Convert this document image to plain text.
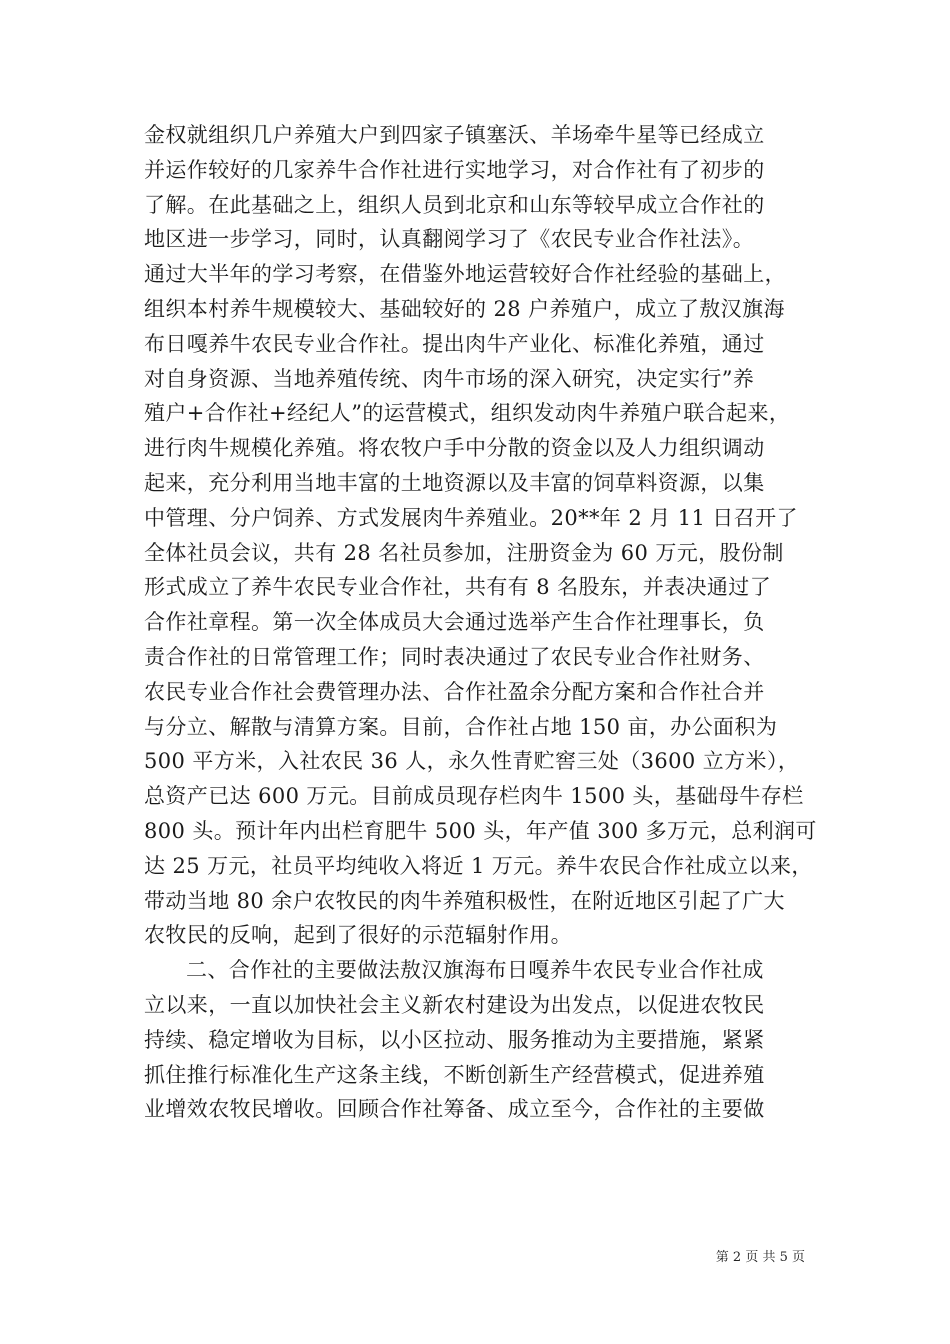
金权就组织几户养殖大户到四家子镇塞沃、羊场牵牛星等已经成立
并运作较好的几家养牛合作社进行实地学习，对合作社有了初步的
了解。在此基础之上，组织人员到北京和山东等较早成立合作社的
地区进一步学习，同时，认真翻阅学习了《农民专业合作社法》。
通过大半年的学习考察，在借鉴外地运营较好合作社经验的基础上，
组织本村养牛规模较大、基础较好的 28 户养殖户，成立了敖汉旗海
布日嘎养牛农民专业合作社。提出肉牛产业化、标准化养殖，通过
对自身资源、当地养殖传统、肉牛市场的深入研究，决定实行”养
殖户+合作社+经纪人”的运营模式，组织发动肉牛养殖户联合起来，
进行肉牛规模化养殖。将农牧户手中分散的资金以及人力组织调动
起来，充分利用当地丰富的土地资源以及丰富的饲草料资源，以集
中管理、分户饲养、方式发展肉牛养殖业。20**年 2 月 11 日召开了
全体社员会议，共有 28 名社员参加，注册资金为 60 万元，股份制
形式成立了养牛农民专业合作社，共有有 8 名股东，并表决通过了
合作社章程。第一次全体成员大会通过选举产生合作社理事长，负
责合作社的日常管理工作；同时表决通过了农民专业合作社财务、
农民专业合作社会费管理办法、合作社盈余分配方案和合作社合并
与分立、解散与清算方案。目前，合作社占地 150 亩，办公面积为
500 平方米，入社农民 36 人，永久性青贮窖三处（3600 立方米），
总资产已达 600 万元。目前成员现存栏肉牛 1500 头，基础母牛存栏
800 头。预计年内出栏育肥牛 500 头，年产值 300 多万元，总利润可
达 25 万元，社员平均纯收入将近 1 万元。养牛农民合作社成立以来，
带动当地 80 余户农牧民的肉牛养殖积极性，在附近地区引起了广大
农牧民的反响，起到了很好的示范辐射作用。
二、合作社的主要做法敖汉旗海布日嘎养牛农民专业合作社成
立以来，一直以加快社会主义新农村建设为出发点，以促进农牧民
持续、稳定增收为目标，以小区拉动、服务推动为主要措施，紧紧
抓住推行标准化生产这条主线，不断创新生产经营模式，促进养殖
业增效农牧民增收。回顾合作社筹备、成立至今，合作社的主要做
第 2 页 共 5 页
